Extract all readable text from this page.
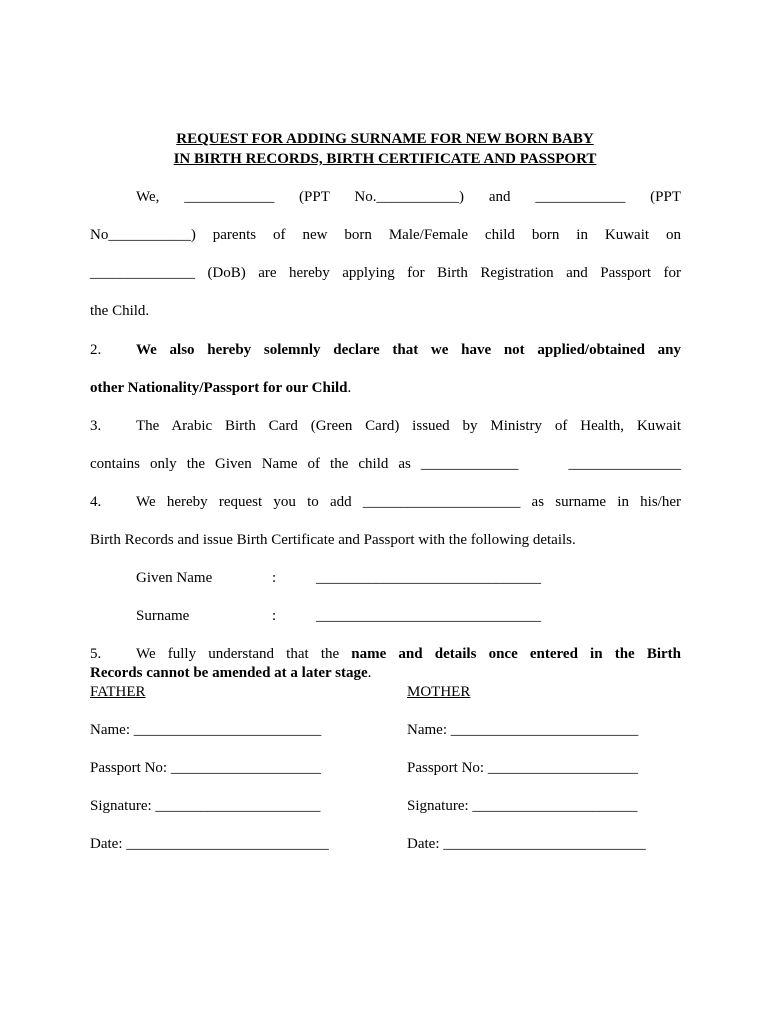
REQUEST FOR ADDING SURNAME FOR NEW BORN BABY
IN BIRTH RECORDS, BIRTH CERTIFICATE AND PASSPORT
We,   ____________   (PPT   No.___________)   and   ____________   (PPT
No___________)  parents  of  new  born  Male/Female  child  born  in  Kuwait  on
______________ (DoB) are hereby applying for Birth Registration and Passport for
the Child.
2. We also hereby solemnly declare that we have not applied/obtained any
other Nationality/Passport for our Child.
3. The Arabic Birth Card (Green Card) issued by Ministry of Health, Kuwait
contains only the Given Name of the child as _____________     _______________
4. We hereby request you to add _____________________ as surname in his/her
Birth Records and issue Birth Certificate and Passport with the following details.
Given Name	:	______________________________
Surname	:	______________________________
5. We fully understand that the name and details once entered in the Birth
Records cannot be amended at a later stage.
FATHER
Name: _________________________
Passport No: ____________________
Signature: ______________________
Date: ___________________________
MOTHER
Name: _________________________
Passport No: ____________________
Signature: ______________________
Date: ___________________________
